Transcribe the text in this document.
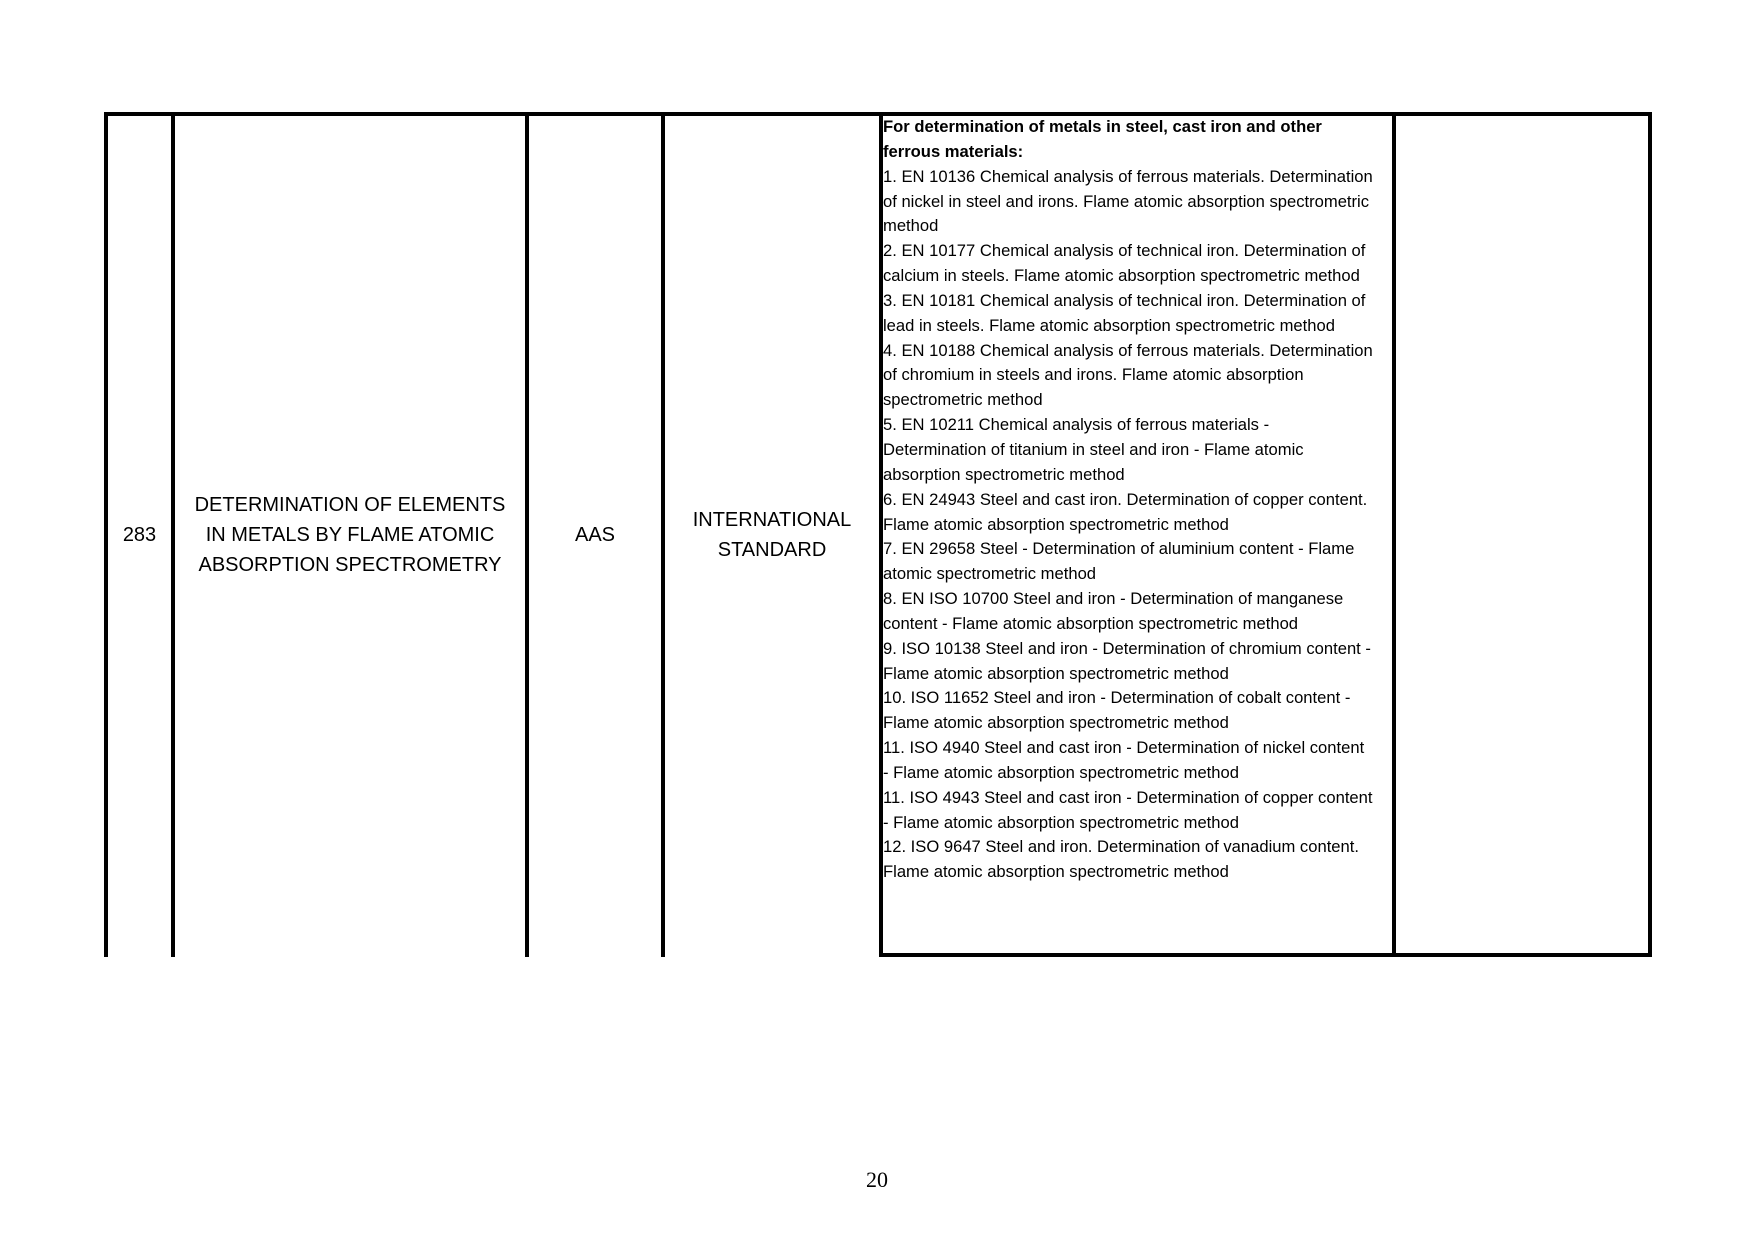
283
DETERMINATION OF ELEMENTS IN METALS BY FLAME ATOMIC ABSORPTION SPECTROMETRY
AAS
INTERNATIONAL STANDARD
For determination of metals in steel, cast iron and other ferrous materials:
1. EN 10136 Chemical analysis of ferrous materials. Determination
of nickel in steel and irons. Flame atomic absorption spectrometric
method
2. EN 10177 Chemical analysis of technical iron. Determination of
calcium in steels. Flame atomic absorption spectrometric method
3. EN 10181 Chemical analysis of technical iron. Determination of
lead in steels. Flame atomic absorption spectrometric method
4. EN 10188 Chemical analysis of ferrous materials. Determination
of chromium in steels and irons. Flame atomic absorption
spectrometric method
5. EN 10211 Chemical analysis of ferrous materials -
Determination of titanium in steel and iron - Flame atomic
absorption spectrometric method
6. EN 24943 Steel and cast iron. Determination of copper content.
Flame atomic absorption spectrometric method
7. EN 29658 Steel - Determination of aluminium content - Flame
atomic spectrometric method
8. EN ISO 10700 Steel and iron - Determination of manganese
content - Flame atomic absorption spectrometric method
9. ISO 10138 Steel and iron - Determination of chromium content -
Flame atomic absorption spectrometric method
10. ISO 11652 Steel and iron - Determination of cobalt content -
Flame atomic absorption spectrometric method
11. ISO 4940 Steel and cast iron - Determination of nickel content
- Flame atomic absorption spectrometric method
11. ISO 4943 Steel and cast iron - Determination of copper content
- Flame atomic absorption spectrometric method
12. ISO 9647 Steel and iron. Determination of vanadium content.
Flame atomic absorption spectrometric method
20
